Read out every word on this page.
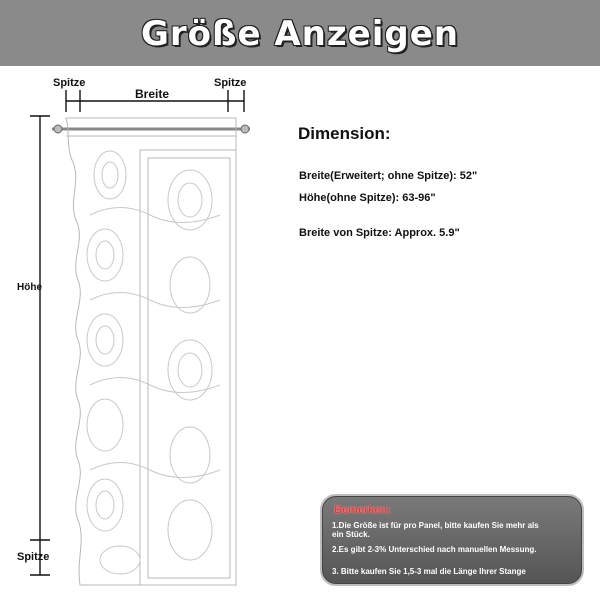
Größe Anzeigen
Spitze
Breite
Spitze
Höhe
Spitze
Dimension:
Breite(Erweitert; ohne Spitze): 52"
Höhe(ohne Spitze): 63-96"
Breite von Spitze: Approx. 5.9"
Bemerken:
1.Die Größe ist für pro Panel, bitte kaufen Sie mehr als ein Stück.
2.Es gibt 2-3% Unterschied nach manuellen Messung.
3. Bitte kaufen Sie 1,5-3 mal die Länge Ihrer Stange
